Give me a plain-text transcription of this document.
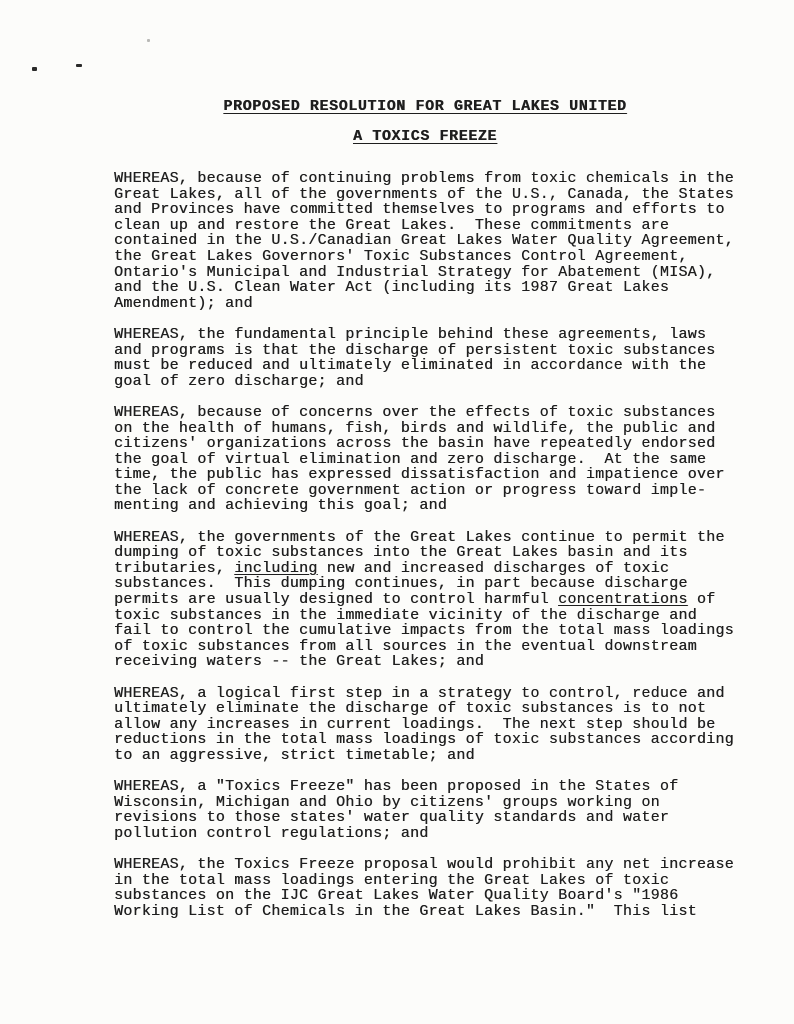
PROPOSED RESOLUTION FOR GREAT LAKES UNITED
A TOXICS FREEZE
WHEREAS, because of continuing problems from toxic chemicals in the
Great Lakes, all of the governments of the U.S., Canada, the States
and Provinces have committed themselves to programs and efforts to
clean up and restore the Great Lakes.  These commitments are
contained in the U.S./Canadian Great Lakes Water Quality Agreement,
the Great Lakes Governors' Toxic Substances Control Agreement,
Ontario's Municipal and Industrial Strategy for Abatement (MISA),
and the U.S. Clean Water Act (including its 1987 Great Lakes
Amendment); and
WHEREAS, the fundamental principle behind these agreements, laws
and programs is that the discharge of persistent toxic substances
must be reduced and ultimately eliminated in accordance with the
goal of zero discharge; and
WHEREAS, because of concerns over the effects of toxic substances
on the health of humans, fish, birds and wildlife, the public and
citizens' organizations across the basin have repeatedly endorsed
the goal of virtual elimination and zero discharge.  At the same
time, the public has expressed dissatisfaction and impatience over
the lack of concrete government action or progress toward imple-
menting and achieving this goal; and
WHEREAS, the governments of the Great Lakes continue to permit the
dumping of toxic substances into the Great Lakes basin and its
tributaries, including new and increased discharges of toxic
substances.  This dumping continues, in part because discharge
permits are usually designed to control harmful concentrations of
toxic substances in the immediate vicinity of the discharge and
fail to control the cumulative impacts from the total mass loadings
of toxic substances from all sources in the eventual downstream
receiving waters -- the Great Lakes; and
WHEREAS, a logical first step in a strategy to control, reduce and
ultimately eliminate the discharge of toxic substances is to not
allow any increases in current loadings.  The next step should be
reductions in the total mass loadings of toxic substances according
to an aggressive, strict timetable; and
WHEREAS, a "Toxics Freeze" has been proposed in the States of
Wisconsin, Michigan and Ohio by citizens' groups working on
revisions to those states' water quality standards and water
pollution control regulations; and
WHEREAS, the Toxics Freeze proposal would prohibit any net increase
in the total mass loadings entering the Great Lakes of toxic
substances on the IJC Great Lakes Water Quality Board's "1986
Working List of Chemicals in the Great Lakes Basin."  This list
